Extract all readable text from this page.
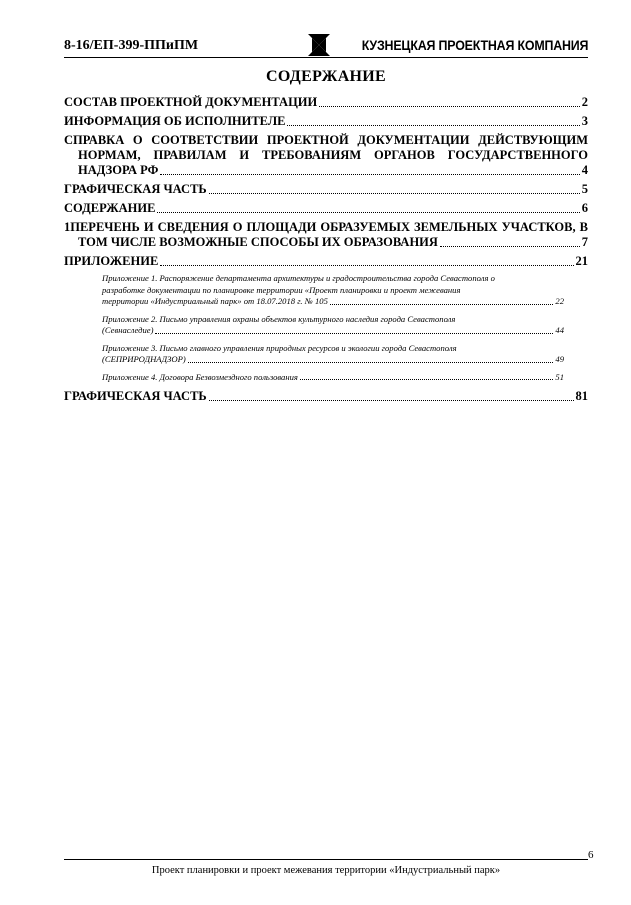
8-16/ЕП-399-ППиПМ	КУЗНЕЦКАЯ ПРОЕКТНАЯ КОМПАНИЯ
СОДЕРЖАНИЕ
СОСТАВ ПРОЕКТНОЙ ДОКУМЕНТАЦИИ	2
ИНФОРМАЦИЯ ОБ ИСПОЛНИТЕЛЕ	3
СПРАВКА О СООТВЕТСТВИИ ПРОЕКТНОЙ ДОКУМЕНТАЦИИ ДЕЙСТВУЮЩИМ
НОРМАМ, ПРАВИЛАМ И ТРЕБОВАНИЯМ ОРГАНОВ ГОСУДАРСТВЕННОГО
НАДЗОРА РФ	4
ГРАФИЧЕСКАЯ ЧАСТЬ	5
СОДЕРЖАНИЕ	6
1ПЕРЕЧЕНЬ И СВЕДЕНИЯ О ПЛОЩАДИ ОБРАЗУЕМЫХ ЗЕМЕЛЬНЫХ УЧАСТКОВ, В
ТОМ ЧИСЛЕ ВОЗМОЖНЫЕ СПОСОБЫ ИХ ОБРАЗОВАНИЯ	7
ПРИЛОЖЕНИЕ	21
Приложение 1. Распоряжение департамента архитектуры и градостроительства города Севастополя о
разработке документации по планировке территории «Проект планировки и проект межевания
территории «Индустриальный парк» от 18.07.2018 г. № 105	22
Приложение 2. Письмо управления охраны объектов культурного наследия города Севастополя
(Севнаследие)	44
Приложение 3. Письмо главного управления природных ресурсов и экологии города Севастополя
(СЕПРИРОДНАДЗОР)	49
Приложение 4. Договора Безвозмездного пользования	51
ГРАФИЧЕСКАЯ ЧАСТЬ	81
6
Проект планировки и проект межевания территории «Индустриальный парк»
